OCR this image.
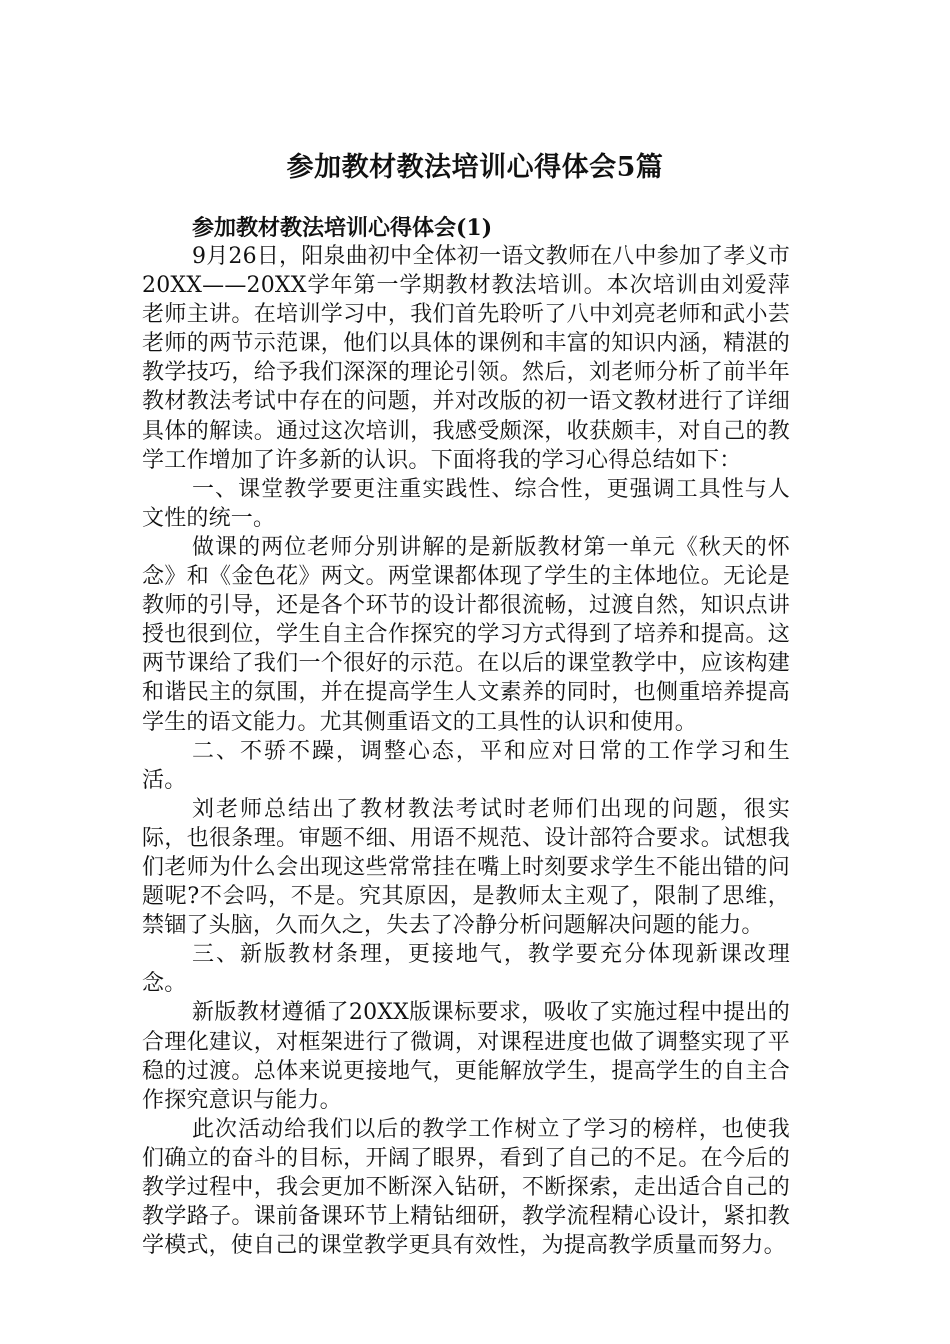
参加教材教法培训心得体会5篇

参加教材教法培训心得体会(1)

9月26日，阳泉曲初中全体初一语文教师在八中参加了孝义市20XX——20XX学年第一学期教材教法培训。本次培训由刘爱萍老师主讲。在培训学习中，我们首先聆听了八中刘亮老师和武小芸老师的两节示范课，他们以具体的课例和丰富的知识内涵，精湛的教学技巧，给予我们深深的理论引领。然后，刘老师分析了前半年教材教法考试中存在的问题，并对改版的初一语文教材进行了详细具体的解读。通过这次培训，我感受颇深，收获颇丰，对自己的教学工作增加了许多新的认识。下面将我的学习心得总结如下：

一、课堂教学要更注重实践性、综合性，更强调工具性与人文性的统一。

做课的两位老师分别讲解的是新版教材第一单元《秋天的怀念》和《金色花》两文。两堂课都体现了学生的主体地位。无论是教师的引导，还是各个环节的设计都很流畅，过渡自然，知识点讲授也很到位，学生自主合作探究的学习方式得到了培养和提高。这两节课给了我们一个很好的示范。在以后的课堂教学中，应该构建和谐民主的氛围，并在提高学生人文素养的同时，也侧重培养提高学生的语文能力。尤其侧重语文的工具性的认识和使用。

二、不骄不躁，调整心态，平和应对日常的工作学习和生活。

刘老师总结出了教材教法考试时老师们出现的问题，很实际，也很条理。审题不细、用语不规范、设计部符合要求。试想我们老师为什么会出现这些常常挂在嘴上时刻要求学生不能出错的问题呢?不会吗，不是。究其原因，是教师太主观了，限制了思维，禁锢了头脑，久而久之，失去了冷静分析问题解决问题的能力。

三、新版教材条理，更接地气，教学要充分体现新课改理念。

新版教材遵循了20XX版课标要求，吸收了实施过程中提出的合理化建议，对框架进行了微调，对课程进度也做了调整实现了平稳的过渡。总体来说更接地气，更能解放学生，提高学生的自主合作探究意识与能力。

此次活动给我们以后的教学工作树立了学习的榜样，也使我们确立的奋斗的目标，开阔了眼界，看到了自己的不足。在今后的教学过程中，我会更加不断深入钻研，不断探索，走出适合自己的教学路子。课前备课环节上精钻细研，教学流程精心设计，紧扣教学模式，使自己的课堂教学更具有效性，为提高教学质量而努力。
